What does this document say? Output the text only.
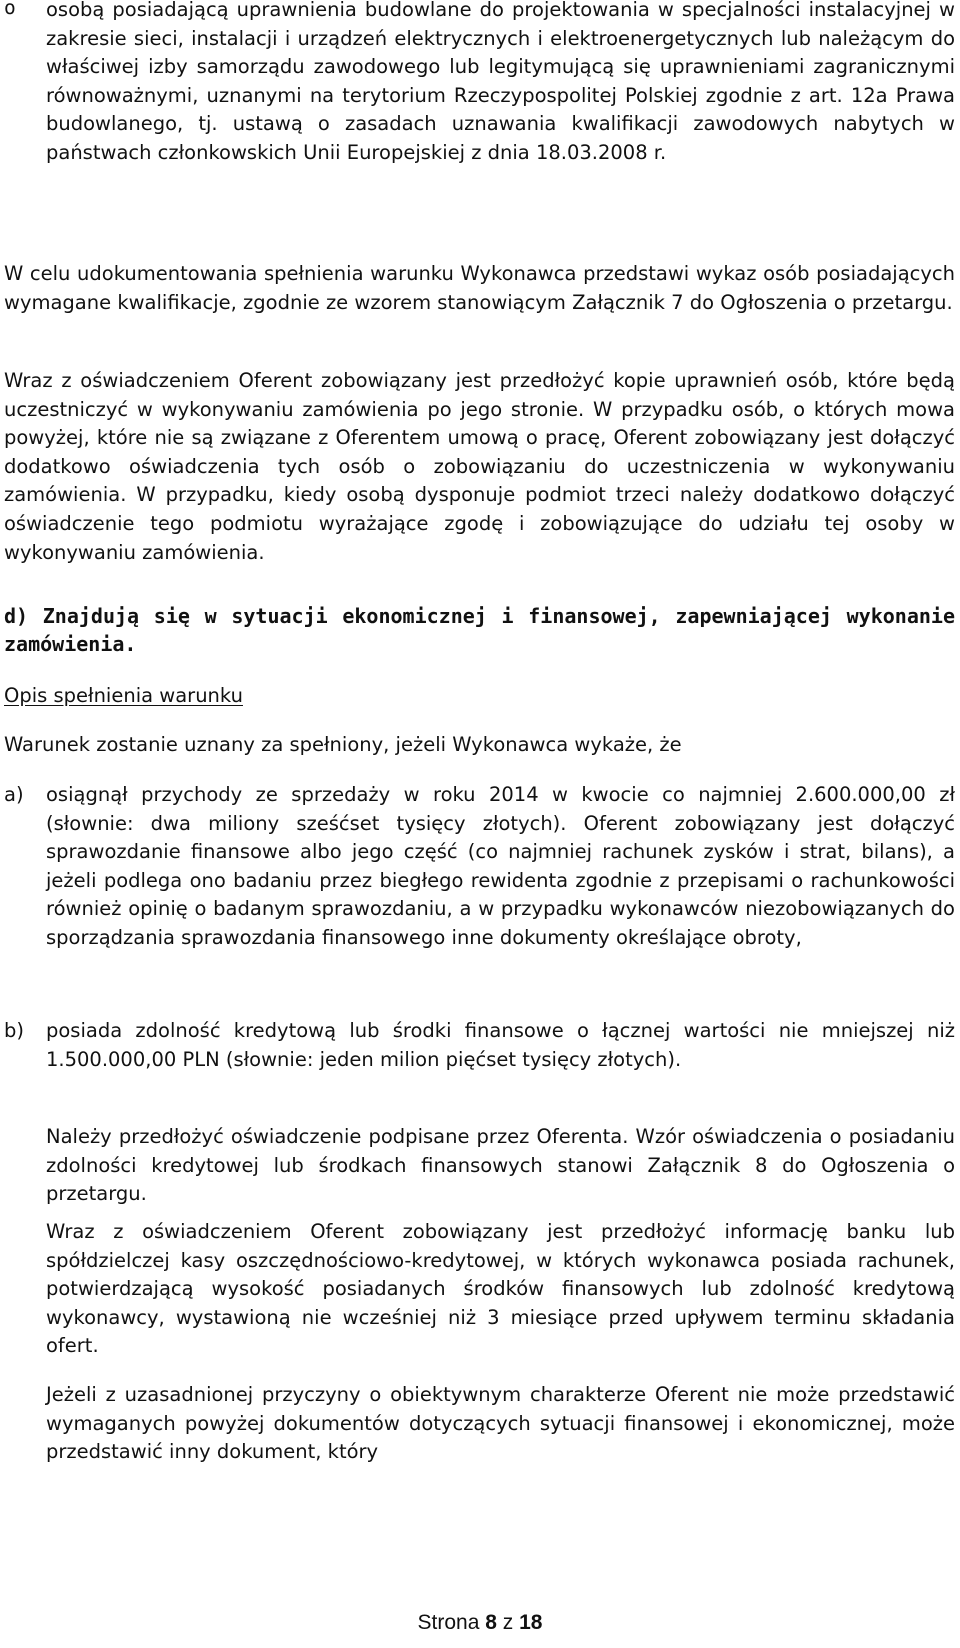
o osobą posiadającą uprawnienia budowlane do projektowania w specjalności instalacyjnej w zakresie sieci, instalacji i urządzeń elektrycznych i elektroenergetycznych lub należącym do właściwej izby samorządu zawodowego lub legitymującą się uprawnieniami zagranicznymi równoważnymi, uznanymi na terytorium Rzeczypospolitej Polskiej zgodnie z art. 12a Prawa budowlanego, tj. ustawą o zasadach uznawania kwalifikacji zawodowych nabytych w państwach członkowskich Unii Europejskiej z dnia 18.03.2008 r.

W celu udokumentowania spełnienia warunku Wykonawca przedstawi wykaz osób posiadających wymagane kwalifikacje, zgodnie ze wzorem stanowiącym Załącznik 7 do Ogłoszenia o przetargu.

Wraz z oświadczeniem Oferent zobowiązany jest przedłożyć kopie uprawnień osób, które będą uczestniczyć w wykonywaniu zamówienia po jego stronie. W przypadku osób, o których mowa powyżej, które nie są związane z Oferentem umową o pracę, Oferent zobowiązany jest dołączyć dodatkowo oświadczenia tych osób o zobowiązaniu do uczestniczenia w wykonywaniu zamówienia. W przypadku, kiedy osobą dysponuje podmiot trzeci należy dodatkowo dołączyć oświadczenie tego podmiotu wyrażające zgodę i zobowiązujące do udziału tej osoby w wykonywaniu zamówienia.

d) Znajdują się w sytuacji ekonomicznej i finansowej, zapewniającej wykonanie zamówienia.

Opis spełnienia warunku

Warunek zostanie uznany za spełniony, jeżeli Wykonawca wykaże, że

a) osiągnął przychody ze sprzedaży w roku 2014 w kwocie co najmniej 2.600.000,00 zł (słownie: dwa miliony sześćset tysięcy złotych). Oferent zobowiązany jest dołączyć sprawozdanie finansowe albo jego część (co najmniej rachunek zysków i strat, bilans), a jeżeli podlega ono badaniu przez biegłego rewidenta zgodnie z przepisami o rachunkowości również opinię o badanym sprawozdaniu, a w przypadku wykonawców niezobowiązanych do sporządzania sprawozdania finansowego inne dokumenty określające obroty,

b) posiada zdolność kredytową lub środki finansowe o łącznej wartości nie mniejszej niż 1.500.000,00 PLN (słownie: jeden milion pięćset tysięcy złotych).

Należy przedłożyć oświadczenie podpisane przez Oferenta. Wzór oświadczenia o posiadaniu zdolności kredytowej lub środkach finansowych stanowi Załącznik 8 do Ogłoszenia o przetargu.

Wraz z oświadczeniem Oferent zobowiązany jest przedłożyć informację banku lub spółdzielczej kasy oszczędnościowo-kredytowej, w których wykonawca posiada rachunek, potwierdzającą wysokość posiadanych środków finansowych lub zdolność kredytową wykonawcy, wystawioną nie wcześniej niż 3 miesiące przed upływem terminu składania ofert.

Jeżeli z uzasadnionej przyczyny o obiektywnym charakterze Oferent nie może przedstawić wymaganych powyżej dokumentów dotyczących sytuacji finansowej i ekonomicznej, może przedstawić inny dokument, który

Strona 8 z 18
